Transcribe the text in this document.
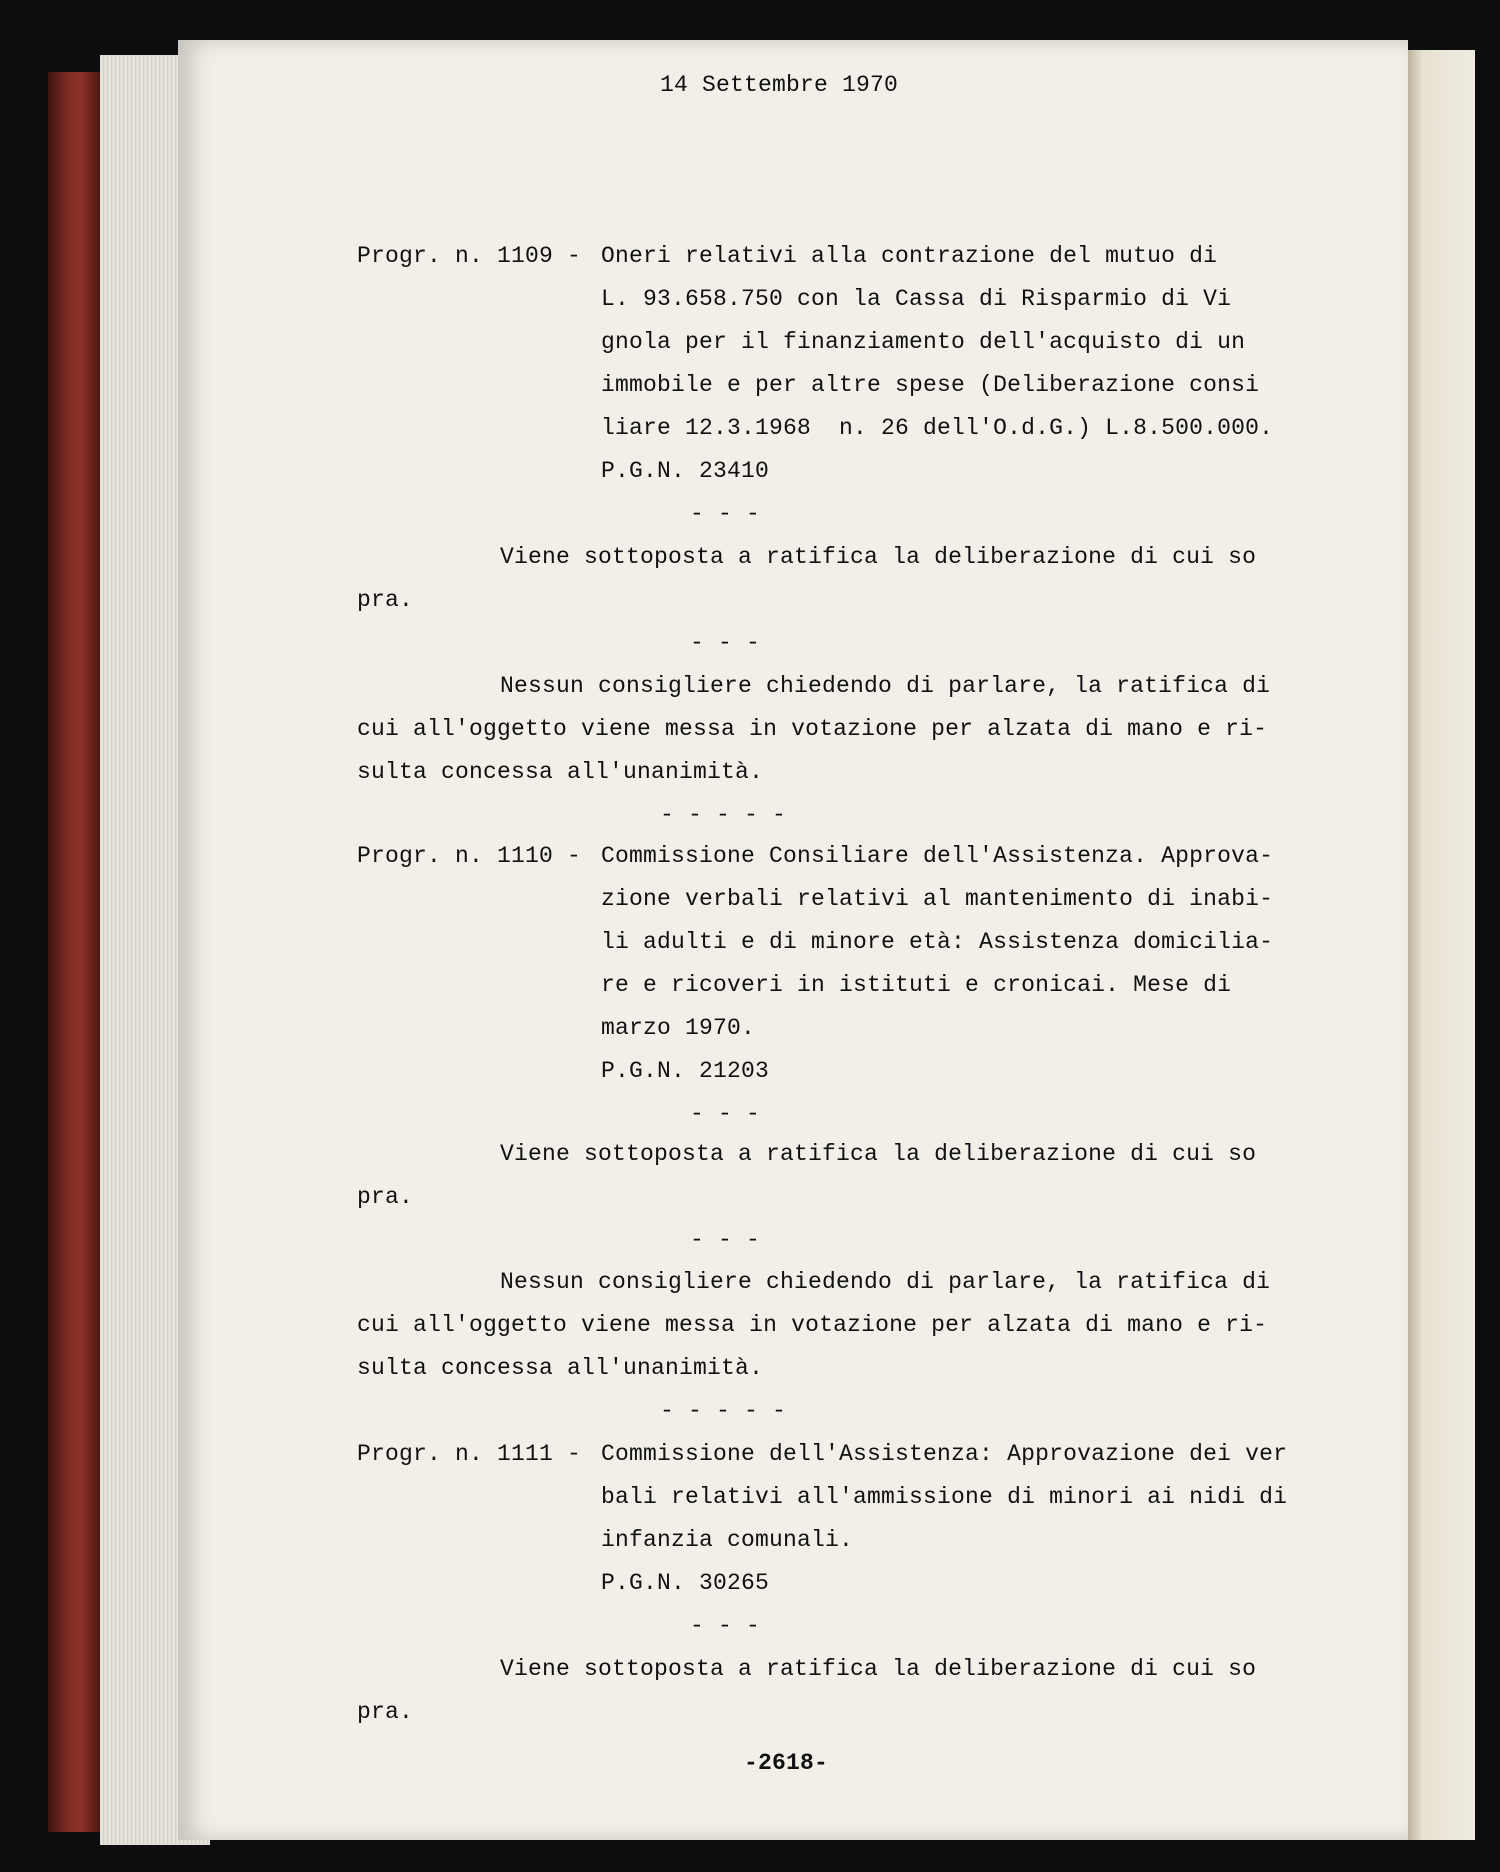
14 Settembre 1970
Progr. n. 1109 - Oneri relativi alla contrazione del mutuo di
L. 93.658.750 con la Cassa di Risparmio di Vi
gnola per il finanziamento dell'acquisto di un
immobile e per altre spese (Deliberazione consi
liare 12.3.1968  n. 26 dell'O.d.G.) L.8.500.000.
P.G.N. 23410
- - -
Viene sottoposta a ratifica la deliberazione di cui so
pra.
- - -
Nessun consigliere chiedendo di parlare, la ratifica di
cui all'oggetto viene messa in votazione per alzata di mano e ri-
sulta concessa all'unanimità.
- - - - -
Progr. n. 1110 - Commissione Consiliare dell'Assistenza. Approva-
zione verbali relativi al mantenimento di inabi-
li adulti e di minore età: Assistenza domicilia-
re e ricoveri in istituti e cronicai. Mese di
marzo 1970.
P.G.N. 21203
- - -
Viene sottoposta a ratifica la deliberazione di cui so
pra.
- - -
Nessun consigliere chiedendo di parlare, la ratifica di
cui all'oggetto viene messa in votazione per alzata di mano e ri-
sulta concessa all'unanimità.
- - - - -
Progr. n. 1111 - Commissione dell'Assistenza: Approvazione dei ver
bali relativi all'ammissione di minori ai nidi di
infanzia comunali.
P.G.N. 30265
- - -
Viene sottoposta a ratifica la deliberazione di cui so
pra.
-2618-
